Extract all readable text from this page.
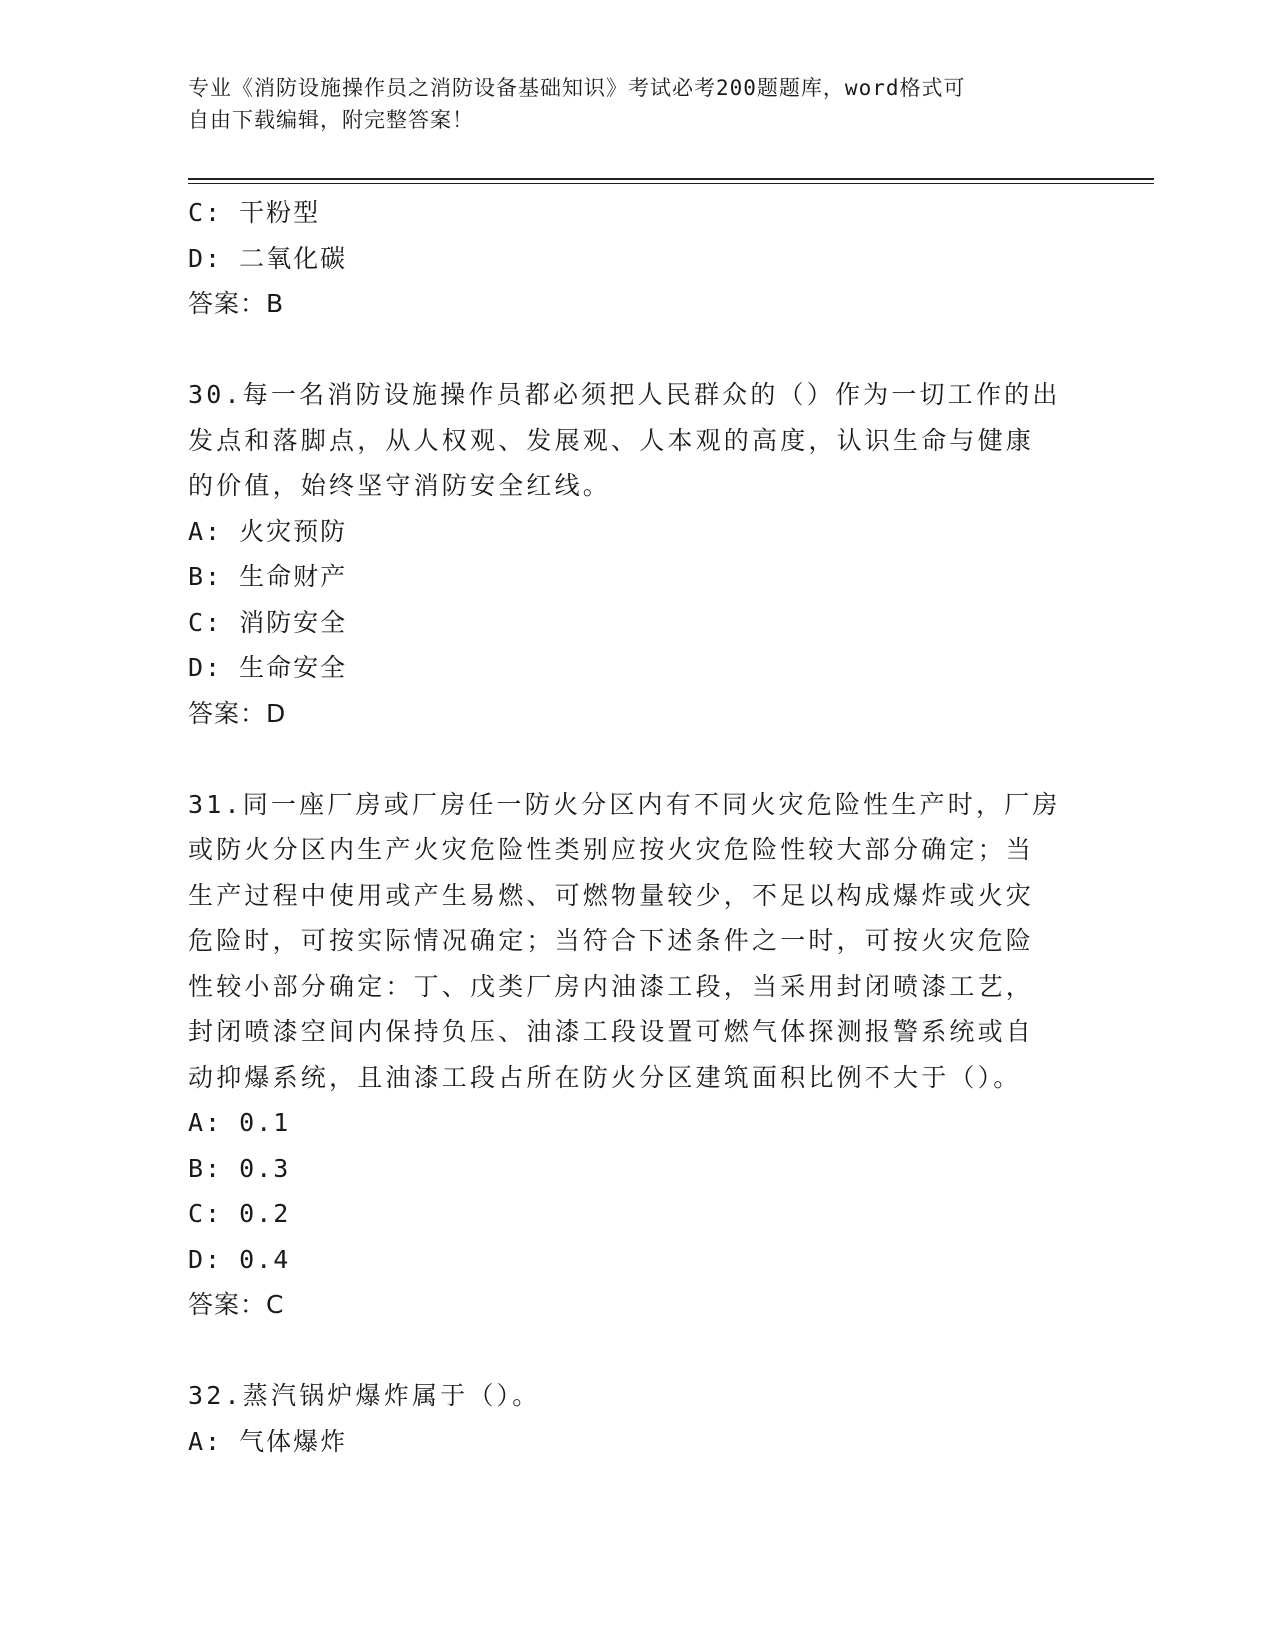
专业《消防设施操作员之消防设备基础知识》考试必考200题题库，word格式可
自由下载编辑，附完整答案！
C: 干粉型
D: 二氧化碳
答案：B
30.每一名消防设施操作员都必须把人民群众的（）作为一切工作的出
发点和落脚点，从人权观、发展观、人本观的高度，认识生命与健康
的价值，始终坚守消防安全红线。
A: 火灾预防
B: 生命财产
C: 消防安全
D: 生命安全
答案：D
31.同一座厂房或厂房任一防火分区内有不同火灾危险性生产时，厂房
或防火分区内生产火灾危险性类别应按火灾危险性较大部分确定；当
生产过程中使用或产生易燃、可燃物量较少，不足以构成爆炸或火灾
危险时，可按实际情况确定；当符合下述条件之一时，可按火灾危险
性较小部分确定：丁、戊类厂房内油漆工段，当采用封闭喷漆工艺，
封闭喷漆空间内保持负压、油漆工段设置可燃气体探测报警系统或自
动抑爆系统，且油漆工段占所在防火分区建筑面积比例不大于（）。
A: 0.1
B: 0.3
C: 0.2
D: 0.4
答案：C
32.蒸汽锅炉爆炸属于（）。
A: 气体爆炸
